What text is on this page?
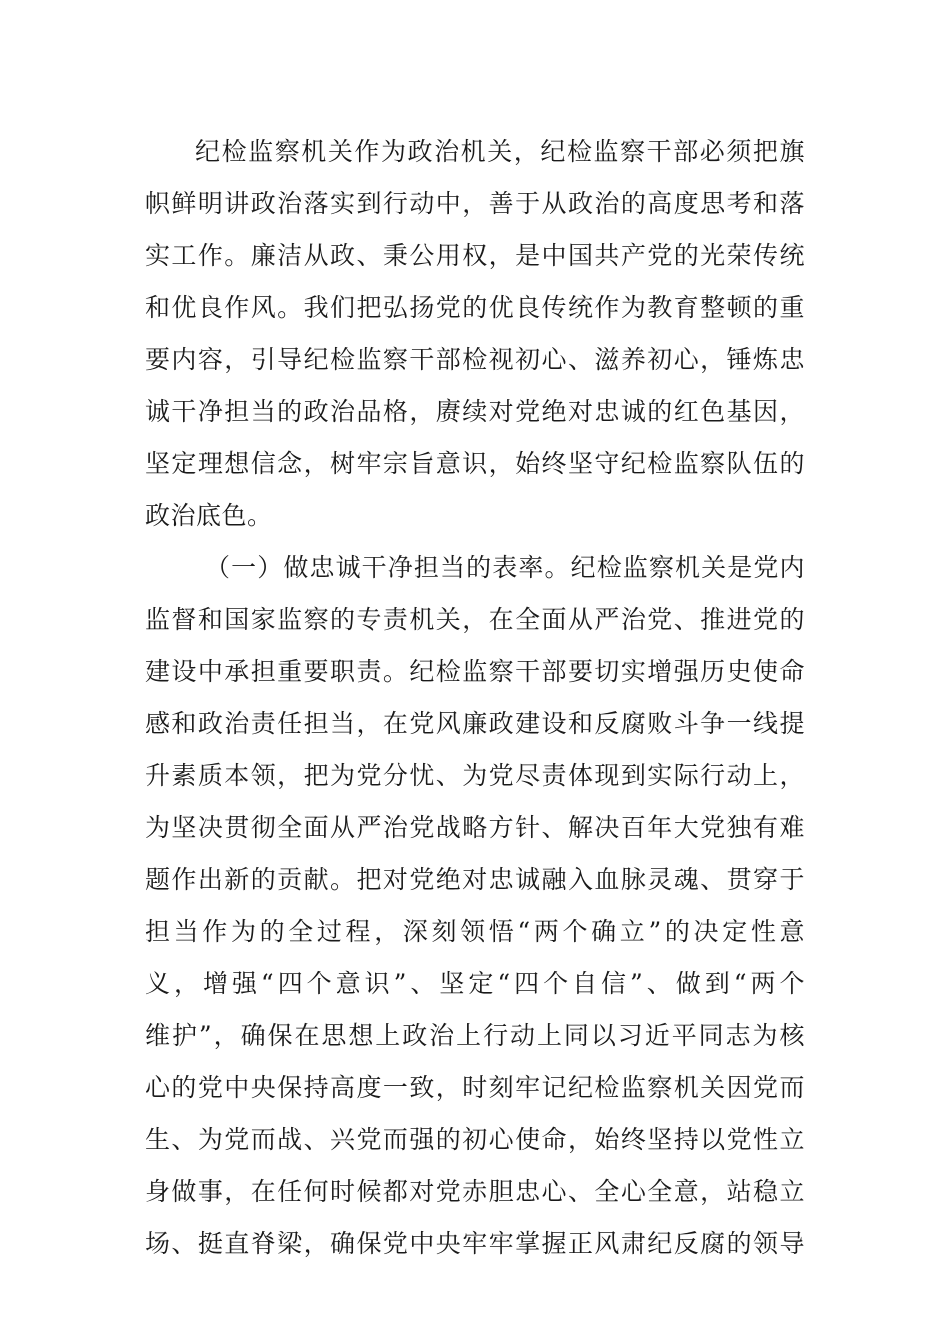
纪检监察机关作为政治机关，纪检监察干部必须把旗
帜鲜明讲政治落实到行动中，善于从政治的高度思考和落
实工作。廉洁从政、秉公用权，是中国共产党的光荣传统
和优良作风。我们把弘扬党的优良传统作为教育整顿的重
要内容，引导纪检监察干部检视初心、滋养初心，锤炼忠
诚干净担当的政治品格，赓续对党绝对忠诚的红色基因，
坚定理想信念，树牢宗旨意识，始终坚守纪检监察队伍的
政治底色。
（一）做忠诚干净担当的表率。纪检监察机关是党内
监督和国家监察的专责机关，在全面从严治党、推进党的
建设中承担重要职责。纪检监察干部要切实增强历史使命
感和政治责任担当，在党风廉政建设和反腐败斗争一线提
升素质本领，把为党分忧、为党尽责体现到实际行动上，
为坚决贯彻全面从严治党战略方针、解决百年大党独有难
题作出新的贡献。把对党绝对忠诚融入血脉灵魂、贯穿于
担当作为的全过程，深刻领悟“两个确立”的决定性意
义，增强“四个意识”、坚定“四个自信”、做到“两个
维护”，确保在思想上政治上行动上同以习近平同志为核
心的党中央保持高度一致，时刻牢记纪检监察机关因党而
生、为党而战、兴党而强的初心使命，始终坚持以党性立
身做事，在任何时候都对党赤胆忠心、全心全意，站稳立
场、挺直脊梁，确保党中央牢牢掌握正风肃纪反腐的领导
